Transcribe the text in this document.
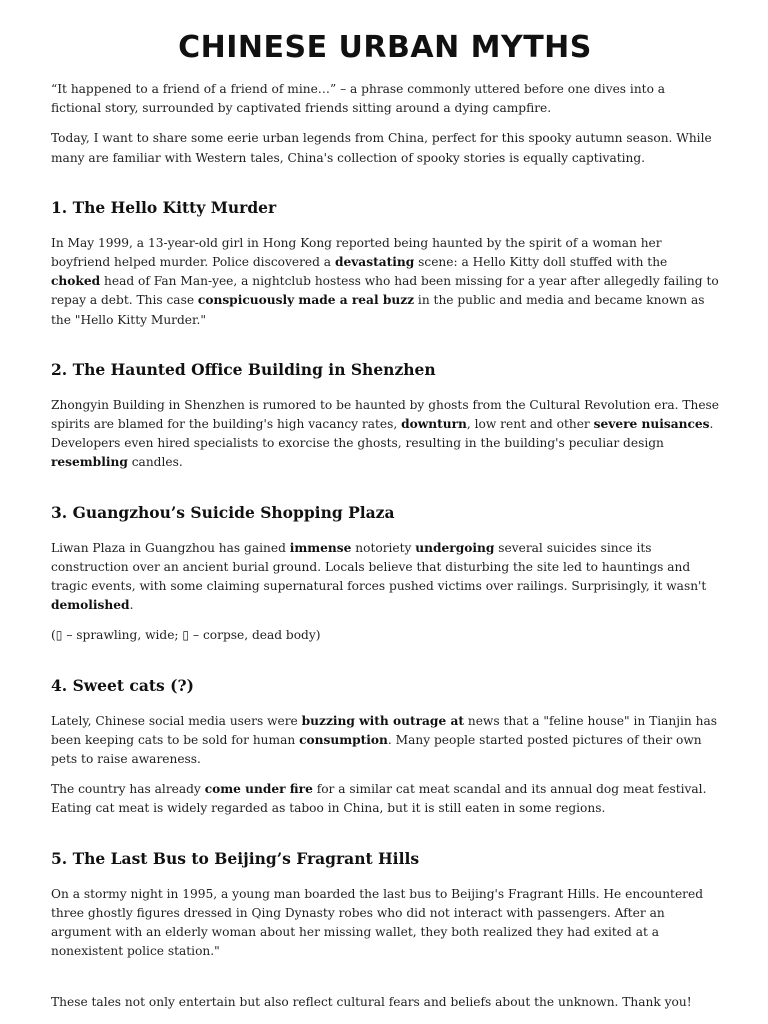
CHINESE URBAN MYTHS

“It happened to a friend of a friend of mine…” – a phrase commonly uttered before one dives into a fictional story, surrounded by captivated friends sitting around a dying campfire.

Today, I want to share some eerie urban legends from China, perfect for this spooky autumn season. While many are familiar with Western tales, China's collection of spooky stories is equally captivating.

1. The Hello Kitty Murder

In May 1999, a 13-year-old girl in Hong Kong reported being haunted by the spirit of a woman her boyfriend helped murder. Police discovered a devastating scene: a Hello Kitty doll stuffed with the choked head of Fan Man-yee, a nightclub hostess who had been missing for a year after allegedly failing to repay a debt. This case conspicuously made a real buzz in the public and media and became known as the "Hello Kitty Murder."

2. The Haunted Office Building in Shenzhen

Zhongyin Building in Shenzhen is rumored to be haunted by ghosts from the Cultural Revolution era. These spirits are blamed for the building's high vacancy rates, downturn, low rent and other severe nuisances. Developers even hired specialists to exorcise the ghosts, resulting in the building's peculiar design resembling candles.

3. Guangzhou’s Suicide Shopping Plaza

Liwan Plaza in Guangzhou has gained immense notoriety undergoing several suicides since its construction over an ancient burial ground. Locals believe that disturbing the site led to hauntings and tragic events, with some claiming supernatural forces pushed victims over railings. Surprisingly, it wasn't demolished.

(▯ – sprawling, wide; ▯ – corpse, dead body)

4. Sweet cats (?)

Lately, Chinese social media users were buzzing with outrage at news that a "feline house" in Tianjin has been keeping cats to be sold for human consumption. Many people started posted pictures of their own pets to raise awareness.

The country has already come under fire for a similar cat meat scandal and its annual dog meat festival. Eating cat meat is widely regarded as taboo in China, but it is still eaten in some regions.

5. The Last Bus to Beijing’s Fragrant Hills

On a stormy night in 1995, a young man boarded the last bus to Beijing's Fragrant Hills. He encountered three ghostly figures dressed in Qing Dynasty robes who did not interact with passengers. After an argument with an elderly woman about her missing wallet, they both realized they had exited at a nonexistent police station."

These tales not only entertain but also reflect cultural fears and beliefs about the unknown. Thank you!
